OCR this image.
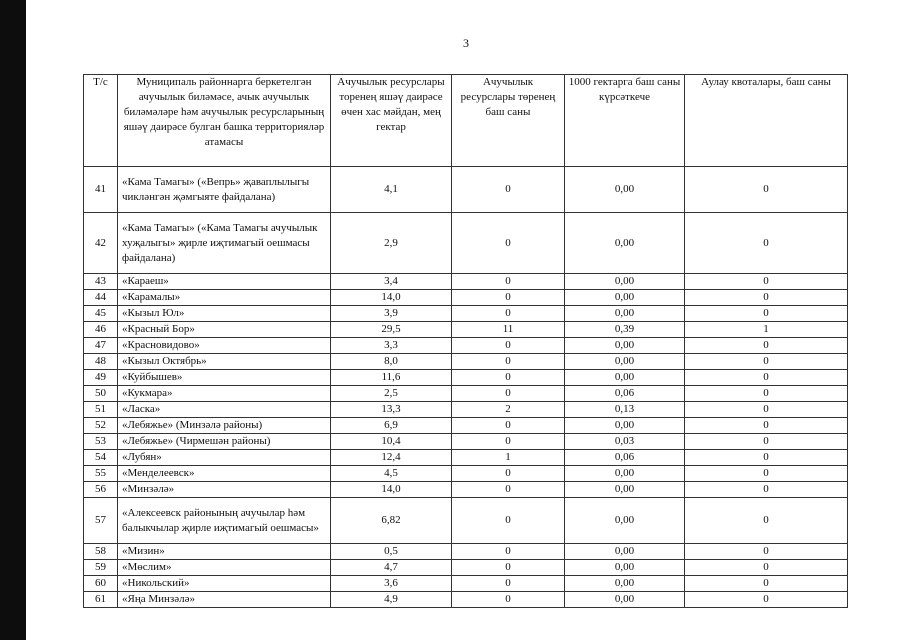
3
Т/с	Муниципаль районнарга беркетелгән ачучылык биләмәсе, ачык ачучылык биләмәләре һәм ачучылык ресурсларының яшәү даирәсе булган башка территорияләр атамасы	Ачучылык ресурслары торенең яшәү даирәсе өчен хас мәйдан, мең гектар	Ачучылык ресурслары төренең баш саны	1000 гектарга баш саны күрсәткече	Аулау квоталары, баш саны
41	«Кама Тамагы» («Вепрь» җаваплылыгы чикләнгән җәмгыяте файдалана)	4,1	0	0,00	0
42	«Кама Тамагы» («Кама Тамагы ачучылык хуҗалыгы» җирле иҗтимагый оешмасы файдалана)	2,9	0	0,00	0
43	«Караеш»	3,4	0	0,00	0
44	«Карамалы»	14,0	0	0,00	0
45	«Кызыл Юл»	3,9	0	0,00	0
46	«Красный Бор»	29,5	11	0,39	1
47	«Красновидово»	3,3	0	0,00	0
48	«Кызыл Октябрь»	8,0	0	0,00	0
49	«Куйбышев»	11,6	0	0,00	0
50	«Кукмара»	2,5	0	0,06	0
51	«Ласка»	13,3	2	0,13	0
52	«Лебяжье» (Минзәлә районы)	6,9	0	0,00	0
53	«Лебяжье» (Чирмешән районы)	10,4	0	0,03	0
54	«Лубян»	12,4	1	0,06	0
55	«Менделеевск»	4,5	0	0,00	0
56	«Минзәлә»	14,0	0	0,00	0
57	«Алексеевск районының ачучылар һәм балыкчылар җирле иҗтимагый оешмасы»	6,82	0	0,00	0
58	«Мизин»	0,5	0	0,00	0
59	«Мөслим»	4,7	0	0,00	0
60	«Никольский»	3,6	0	0,00	0
61	«Яңа Минзәлә»	4,9	0	0,00	0
